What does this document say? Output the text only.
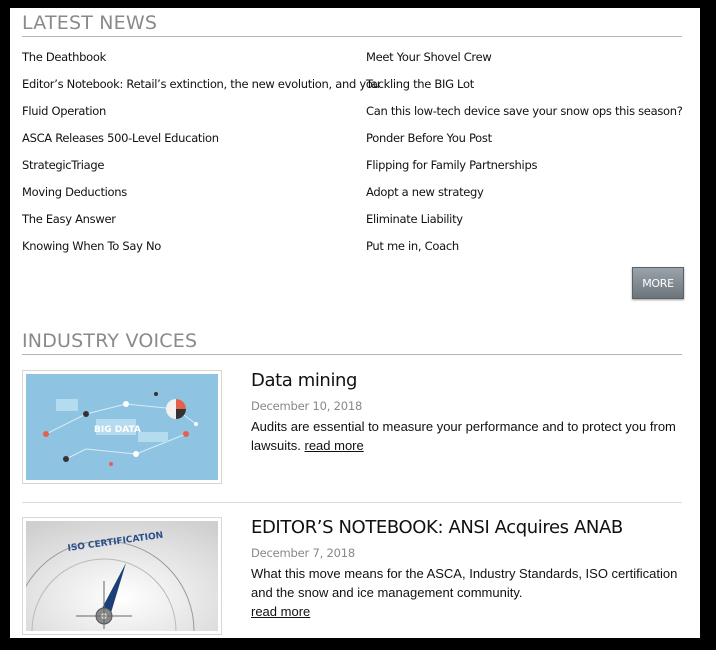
LATEST NEWS
The Deathbook
Editor’s Notebook: Retail’s extinction, the new evolution, and you
Fluid Operation
ASCA Releases 500-Level Education
StrategicTriage
Moving Deductions
The Easy Answer
Knowing When To Say No
Meet Your Shovel Crew
Tackling the BIG Lot
Can this low-tech device save your snow ops this season?
Ponder Before You Post
Flipping for Family Partnerships
Adopt a new strategy
Eliminate Liability
Put me in, Coach
MORE
INDUSTRY VOICES
BIG DATA
Data mining
December 10, 2018
Audits are essential to measure your performance and to protect you from lawsuits. read more
ISO CERTIFICATION
EDITOR’S NOTEBOOK: ANSI Acquires ANAB
December 7, 2018
What this move means for the ASCA, Industry Standards, ISO certification and the snow and ice management community.
read more
